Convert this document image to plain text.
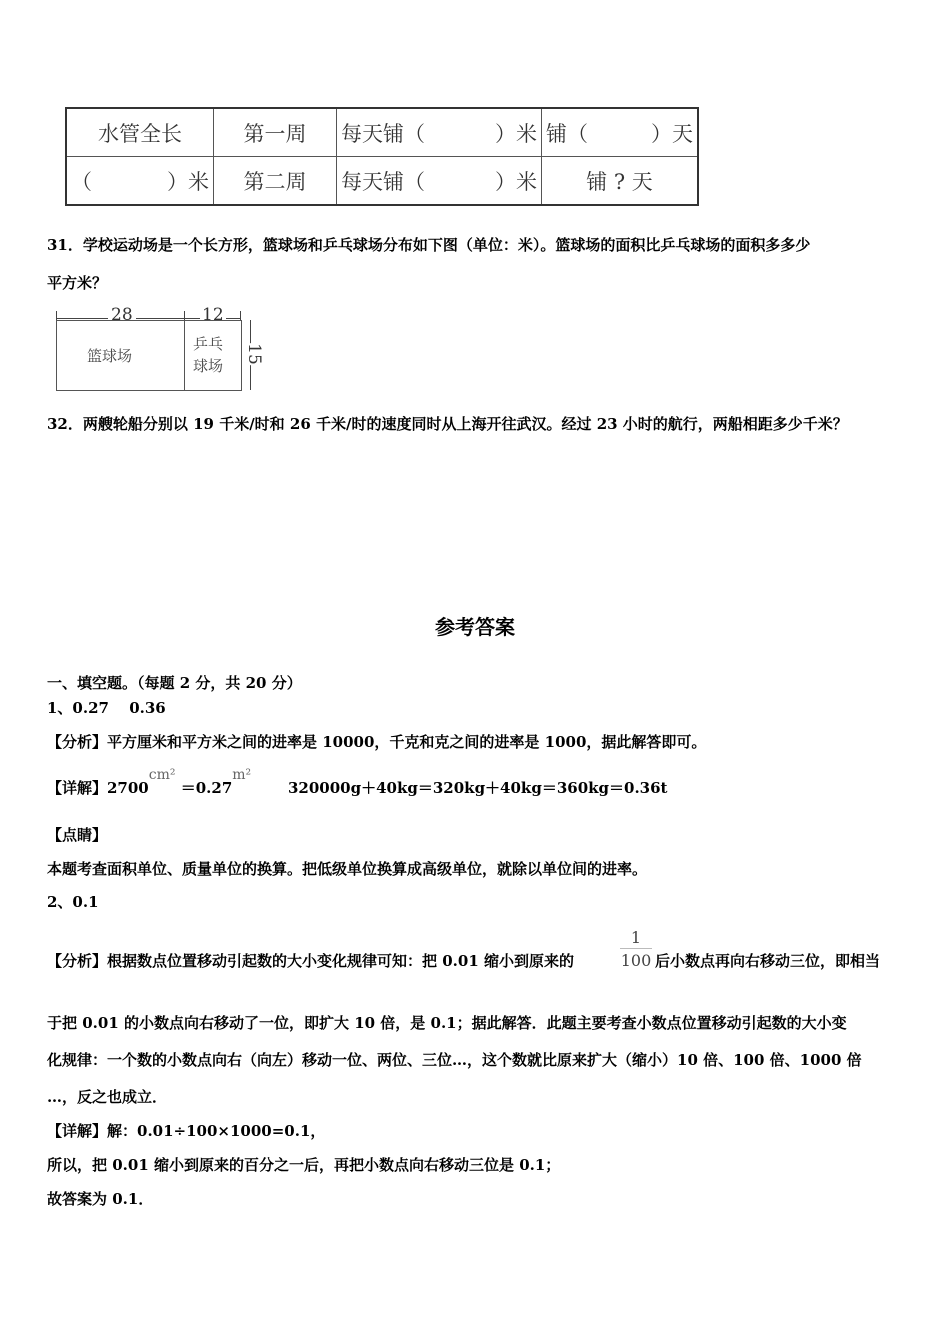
水管全长	第一周	每天铺（ ）米	铺（ ）天

（ ）米	第二周	每天铺（ ）米	铺 ? 天
31．学校运动场是一个长方形，篮球场和乒乓球场分布如下图（单位：米）。篮球场的面积比乒乓球场的面积多多少
平方米？
28	12
篮球场
乒乓
球场
15
32．两艘轮船分别以 19 千米/时和 26 千米/时的速度同时从上海开往武汉。经过 23 小时的航行，两船相距多少千米？
参考答案
一、填空题。（每题 2 分，共 20 分）
1、0.27　 0.36
【分析】平方厘米和平方米之间的进率是 10000，千克和克之间的进率是 1000，据此解答即可。
【详解】2700cm² ＝0.27m²
320000g＋40kg＝320kg＋40kg＝360kg＝0.36t
【点睛】
本题考查面积单位、质量单位的换算。把低级单位换算成高级单位，就除以单位间的进率。
2、0.1
【分析】根据数点位置移动引起数的大小变化规律可知：把 0.01 缩小到原来的
1
100 后小数点再向右移动三位，即相当
于把 0.01 的小数点向右移动了一位，即扩大 10 倍，是 0.1；据此解答．此题主要考查小数点位置移动引起数的大小变
化规律：一个数的小数点向右（向左）移动一位、两位、三位…，这个数就比原来扩大（缩小）10 倍、100 倍、1000 倍
…，反之也成立．
【详解】解：0.01÷100×1000=0.1，
所以，把 0.01 缩小到原来的百分之一后，再把小数点向右移动三位是 0.1；
故答案为 0.1．
